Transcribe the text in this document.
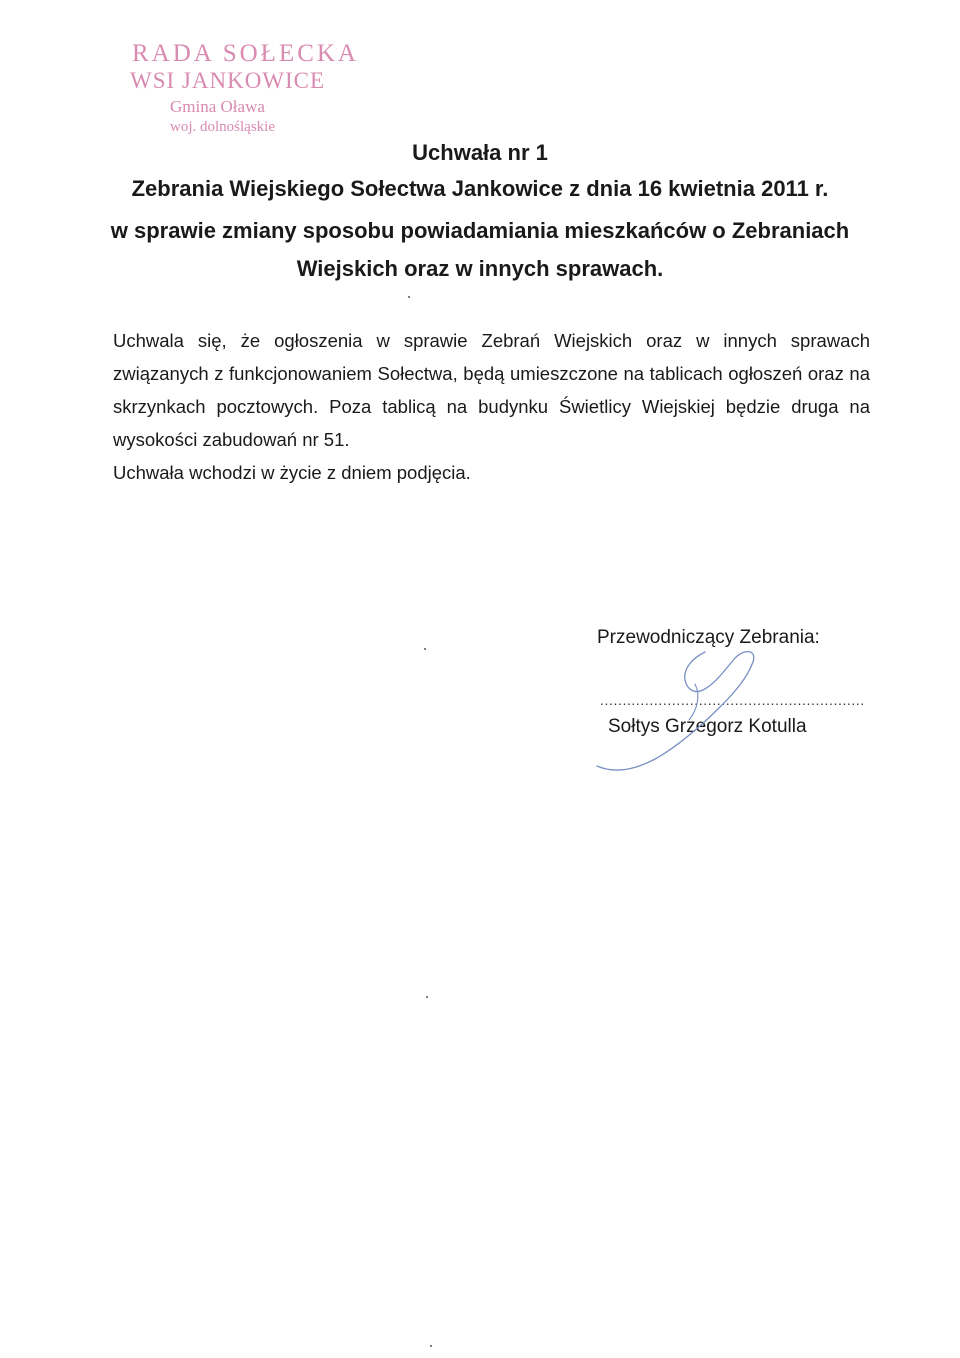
RADA SOŁECKA
WSI JANKOWICE
Gmina Oława
woj. dolnośląskie
Uchwała nr 1
Zebrania Wiejskiego Sołectwa Jankowice z dnia 16 kwietnia 2011 r.
w sprawie zmiany sposobu powiadamiania mieszkańców o Zebraniach
Wiejskich oraz w innych sprawach.

Uchwala się, że ogłoszenia w sprawie Zebrań Wiejskich oraz w innych sprawach związanych z funkcjonowaniem Sołectwa, będą umieszczone na tablicach ogłoszeń oraz na skrzynkach pocztowych. Poza tablicą na budynku Świetlicy Wiejskiej będzie druga na wysokości zabudowań nr 51.

Uchwała wchodzi w życie z dniem podjęcia.

Przewodniczący Zebrania:
...........................................................
Sołtys Grzegorz Kotulla
